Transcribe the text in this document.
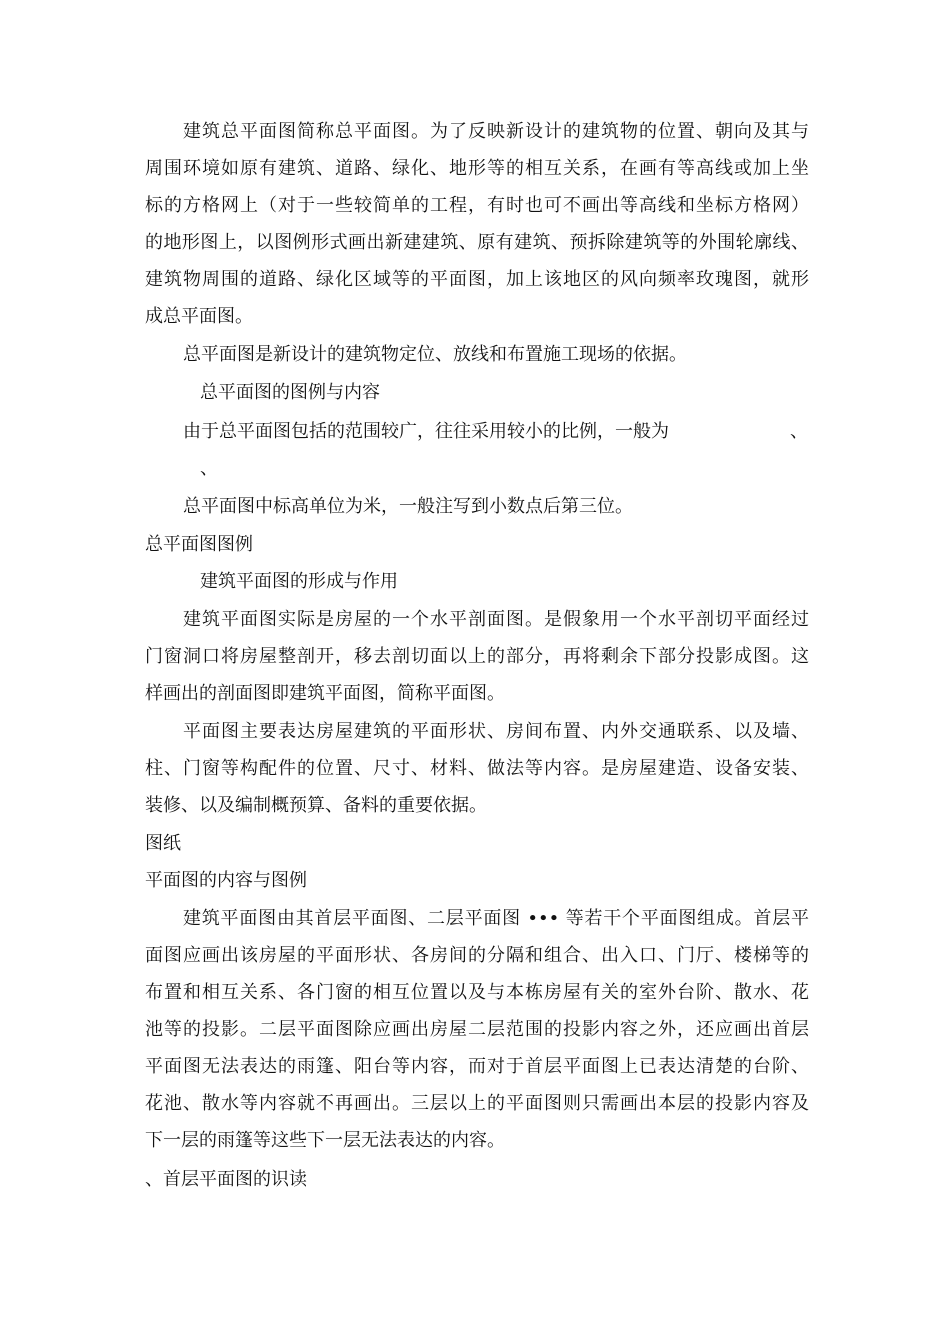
建筑总平面图简称总平面图。为了反映新设计的建筑物的位置、朝向及其与

周围环境如原有建筑、道路、绿化、地形等的相互关系，在画有等高线或加上坐

标的方格网上（对于一些较简单的工程，有时也可不画出等高线和坐标方格网）

的地形图上，以图例形式画出新建建筑、原有建筑、预拆除建筑等的外围轮廓线、

建筑物周围的道路、绿化区域等的平面图，加上该地区的风向频率玫瑰图，就形

成总平面图。

总平面图是新设计的建筑物定位、放线和布置施工现场的依据。

总平面图的图例与内容

由于总平面图包括的范围较广，往往采用较小的比例，一般为	、
、

总平面图中标高单位为米，一般注写到小数点后第三位。

总平面图图例

建筑平面图的形成与作用

建筑平面图实际是房屋的一个水平剖面图。是假象用一个水平剖切平面经过

门窗洞口将房屋整剖开，移去剖切面以上的部分，再将剩余下部分投影成图。这

样画出的剖面图即建筑平面图，简称平面图。

平面图主要表达房屋建筑的平面形状、房间布置、内外交通联系、以及墙、

柱、门窗等构配件的位置、尺寸、材料、做法等内容。是房屋建造、设备安装、

装修、以及编制概预算、备料的重要依据。

图纸

平面图的内容与图例

建筑平面图由其首层平面图、二层平面图 ••• 等若干个平面图组成。首层平

面图应画出该房屋的平面形状、各房间的分隔和组合、出入口、门厅、楼梯等的

布置和相互关系、各门窗的相互位置以及与本栋房屋有关的室外台阶、散水、花

池等的投影。二层平面图除应画出房屋二层范围的投影内容之外，还应画出首层

平面图无法表达的雨篷、阳台等内容，而对于首层平面图上已表达清楚的台阶、

花池、散水等内容就不再画出。三层以上的平面图则只需画出本层的投影内容及

下一层的雨篷等这些下一层无法表达的内容。

、首层平面图的识读
